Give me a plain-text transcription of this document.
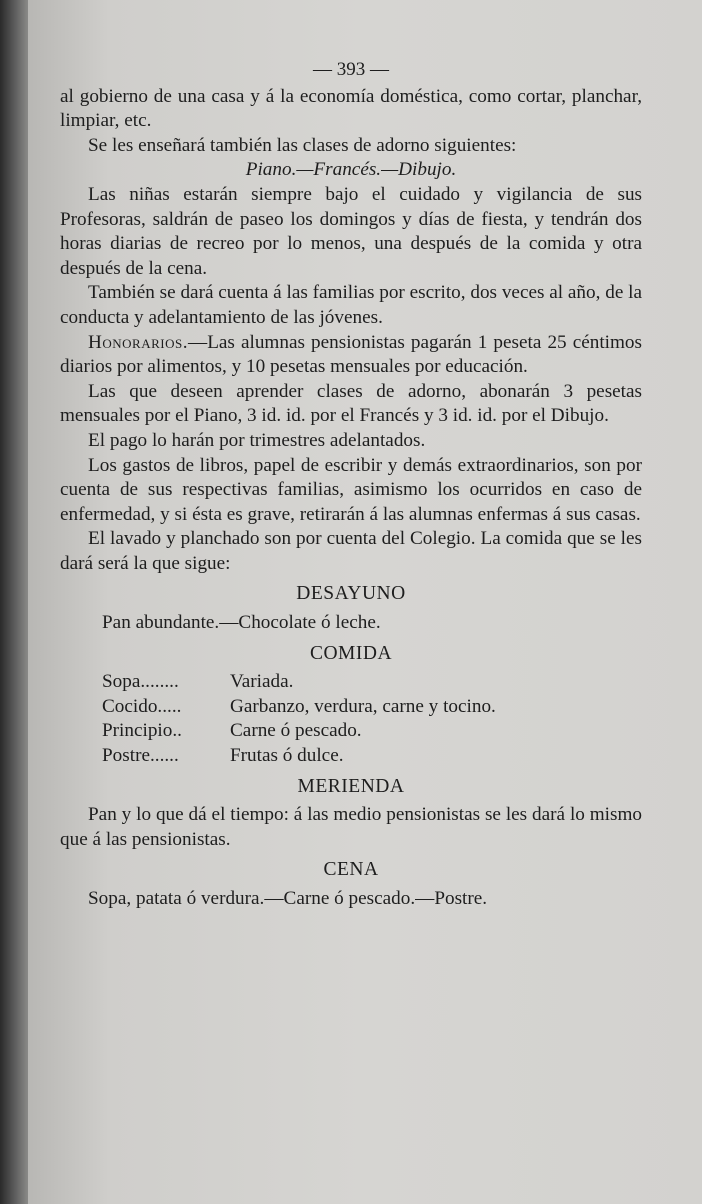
— 393 —

al gobierno de una casa y á la economía doméstica, como cortar, planchar, limpiar, etc.

Se les enseñará también las clases de adorno siguientes:

Piano.—Francés.—Dibujo.

Las niñas estarán siempre bajo el cuidado y vigilancia de sus Profesoras, saldrán de paseo los domingos y días de fiesta, y tendrán dos horas diarias de recreo por lo menos, una después de la comida y otra después de la cena.

También se dará cuenta á las familias por escrito, dos veces al año, de la conducta y adelantamiento de las jóvenes.

Honorarios.—Las alumnas pensionistas pagarán 1 peseta 25 céntimos diarios por alimentos, y 10 pesetas mensuales por educación.

Las que deseen aprender clases de adorno, abonarán 3 pesetas mensuales por el Piano, 3 id. id. por el Francés y 3 id. id. por el Dibujo.

El pago lo harán por trimestres adelantados.

Los gastos de libros, papel de escribir y demás extraordinarios, son por cuenta de sus respectivas familias, asimismo los ocurridos en caso de enfermedad, y si ésta es grave, retirarán á las alumnas enfermas á sus casas.

El lavado y planchado son por cuenta del Colegio. La comida que se les dará será la que sigue:

DESAYUNO
Pan abundante.—Chocolate ó leche.
COMIDA
Sopa........	Variada.
Cocido.....	Garbanzo, verdura, carne y tocino.
Principio..	Carne ó pescado.
Postre......	Frutas ó dulce.
MERIENDA

Pan y lo que dá el tiempo: á las medio pensionistas se les dará lo mismo que á las pensionistas.

CENA

Sopa, patata ó verdura.—Carne ó pescado.—Postre.
